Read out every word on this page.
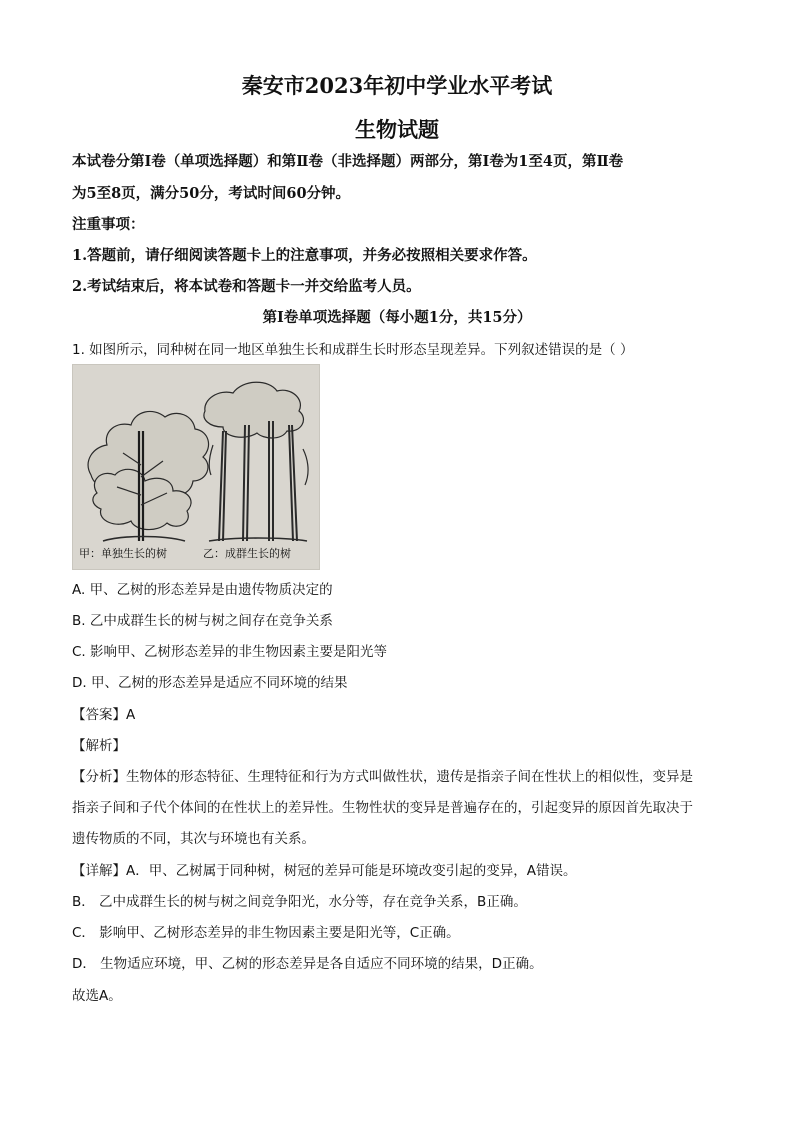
秦安市2023年初中学业水平考试
生物试题
本试卷分第Ⅰ卷（单项选择题）和第Ⅱ卷（非选择题）两部分，第Ⅰ卷为1至4页，第Ⅱ卷
为5至8页，满分50分，考试时间60分钟。
注重事项：
1.答题前，请仔细阅读答题卡上的注意事项，并务必按照相关要求作答。
2.考试结束后，将本试卷和答题卡一并交给监考人员。
第Ⅰ卷单项选择题（每小题1分，共15分）
1. 如图所示，同种树在同一地区单独生长和成群生长时形态呈现差异。下列叙述错误的是（ ）
甲：单独生长的树	乙：成群生长的树
A. 甲、乙树的形态差异是由遗传物质决定的
B. 乙中成群生长的树与树之间存在竞争关系
C. 影响甲、乙树形态差异的非生物因素主要是阳光等
D. 甲、乙树的形态差异是适应不同环境的结果
【答案】A
【解析】
【分析】生物体的形态特征、生理特征和行为方式叫做性状，遗传是指亲子间在性状上的相似性，变异是
指亲子间和子代个体间的在性状上的差异性。生物性状的变异是普遍存在的，引起变异的原因首先取决于
遗传物质的不同，其次与环境也有关系。
【详解】A．甲、乙树属于同种树，树冠的差异可能是环境改变引起的变异，A错误。
B． 乙中成群生长的树与树之间竞争阳光，水分等，存在竞争关系，B正确。
C． 影响甲、乙树形态差异的非生物因素主要是阳光等，C正确。
D． 生物适应环境，甲、乙树的形态差异是各自适应不同环境的结果，D正确。
故选A。
